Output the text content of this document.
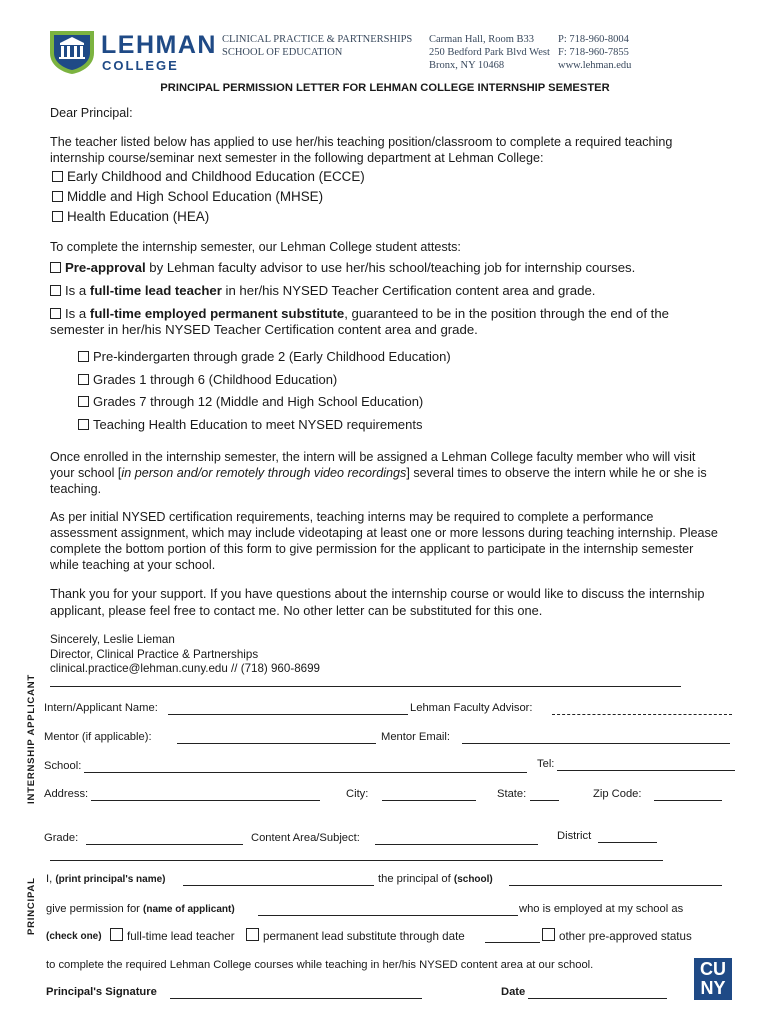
LEHMAN
COLLEGE
CLINICAL PRACTICE & PARTNERSHIPS
SCHOOL OF EDUCATION
Carman Hall, Room B33
250 Bedford Park Blvd West
Bronx, NY 10468
P: 718-960-8004
F: 718-960-7855
www.lehman.edu
PRINCIPAL PERMISSION LETTER FOR LEHMAN COLLEGE INTERNSHIP SEMESTER

Dear Principal:

The teacher listed below has applied to use her/his teaching position/classroom to complete a required teaching internship course/seminar next semester in the following department at Lehman College:

Early Childhood and Childhood Education (ECCE)
Middle and High School Education (MHSE)
Health Education (HEA)

To complete the internship semester, our Lehman College student attests:

Pre-approval by Lehman faculty advisor to use her/his school/teaching job for internship courses.
Is a full-time lead teacher in her/his NYSED Teacher Certification content area and grade.
Is a full-time employed permanent substitute, guaranteed to be in the position through the end of the semester in her/his NYSED Teacher Certification content area and grade.
Pre-kindergarten through grade 2 (Early Childhood Education)
Grades 1 through 6 (Childhood Education)
Grades 7 through 12 (Middle and High School Education)
Teaching Health Education to meet NYSED requirements

Once enrolled in the internship semester, the intern will be assigned a Lehman College faculty member who will visit your school [in person and/or remotely through video recordings] several times to observe the intern while he or she is teaching.

As per initial NYSED certification requirements, teaching interns may be required to complete a performance assessment assignment, which may include videotaping at least one or more lessons during teaching internship. Please complete the bottom portion of this form to give permission for the applicant to participate in the internship semester while teaching at your school.

Thank you for your support. If you have questions about the internship course or would like to discuss the internship applicant, please feel free to contact me. No other letter can be substituted for this one.

Sincerely, Leslie Lieman
Director, Clinical Practice & Partnerships
clinical.practice@lehman.cuny.edu // (718) 960-8699
INTERNSHIP APPLICANT Intern/Applicant Name:	Lehman Faculty Advisor:
Mentor (if applicable):	Mentor Email:
School:	Tel:
Address:	City:	State:	Zip Code:
Grade:	Content Area/Subject:	District
PRINCIPAL I, (print principal's name)	the principal of (school)
give permission for (name of applicant)	who is employed at my school as
(check one)	full-time lead teacher	permanent lead substitute through date	other pre-approved status
to complete the required Lehman College courses while teaching in her/his NYSED content area at our school.
Principal's Signature	Date
CUNY
